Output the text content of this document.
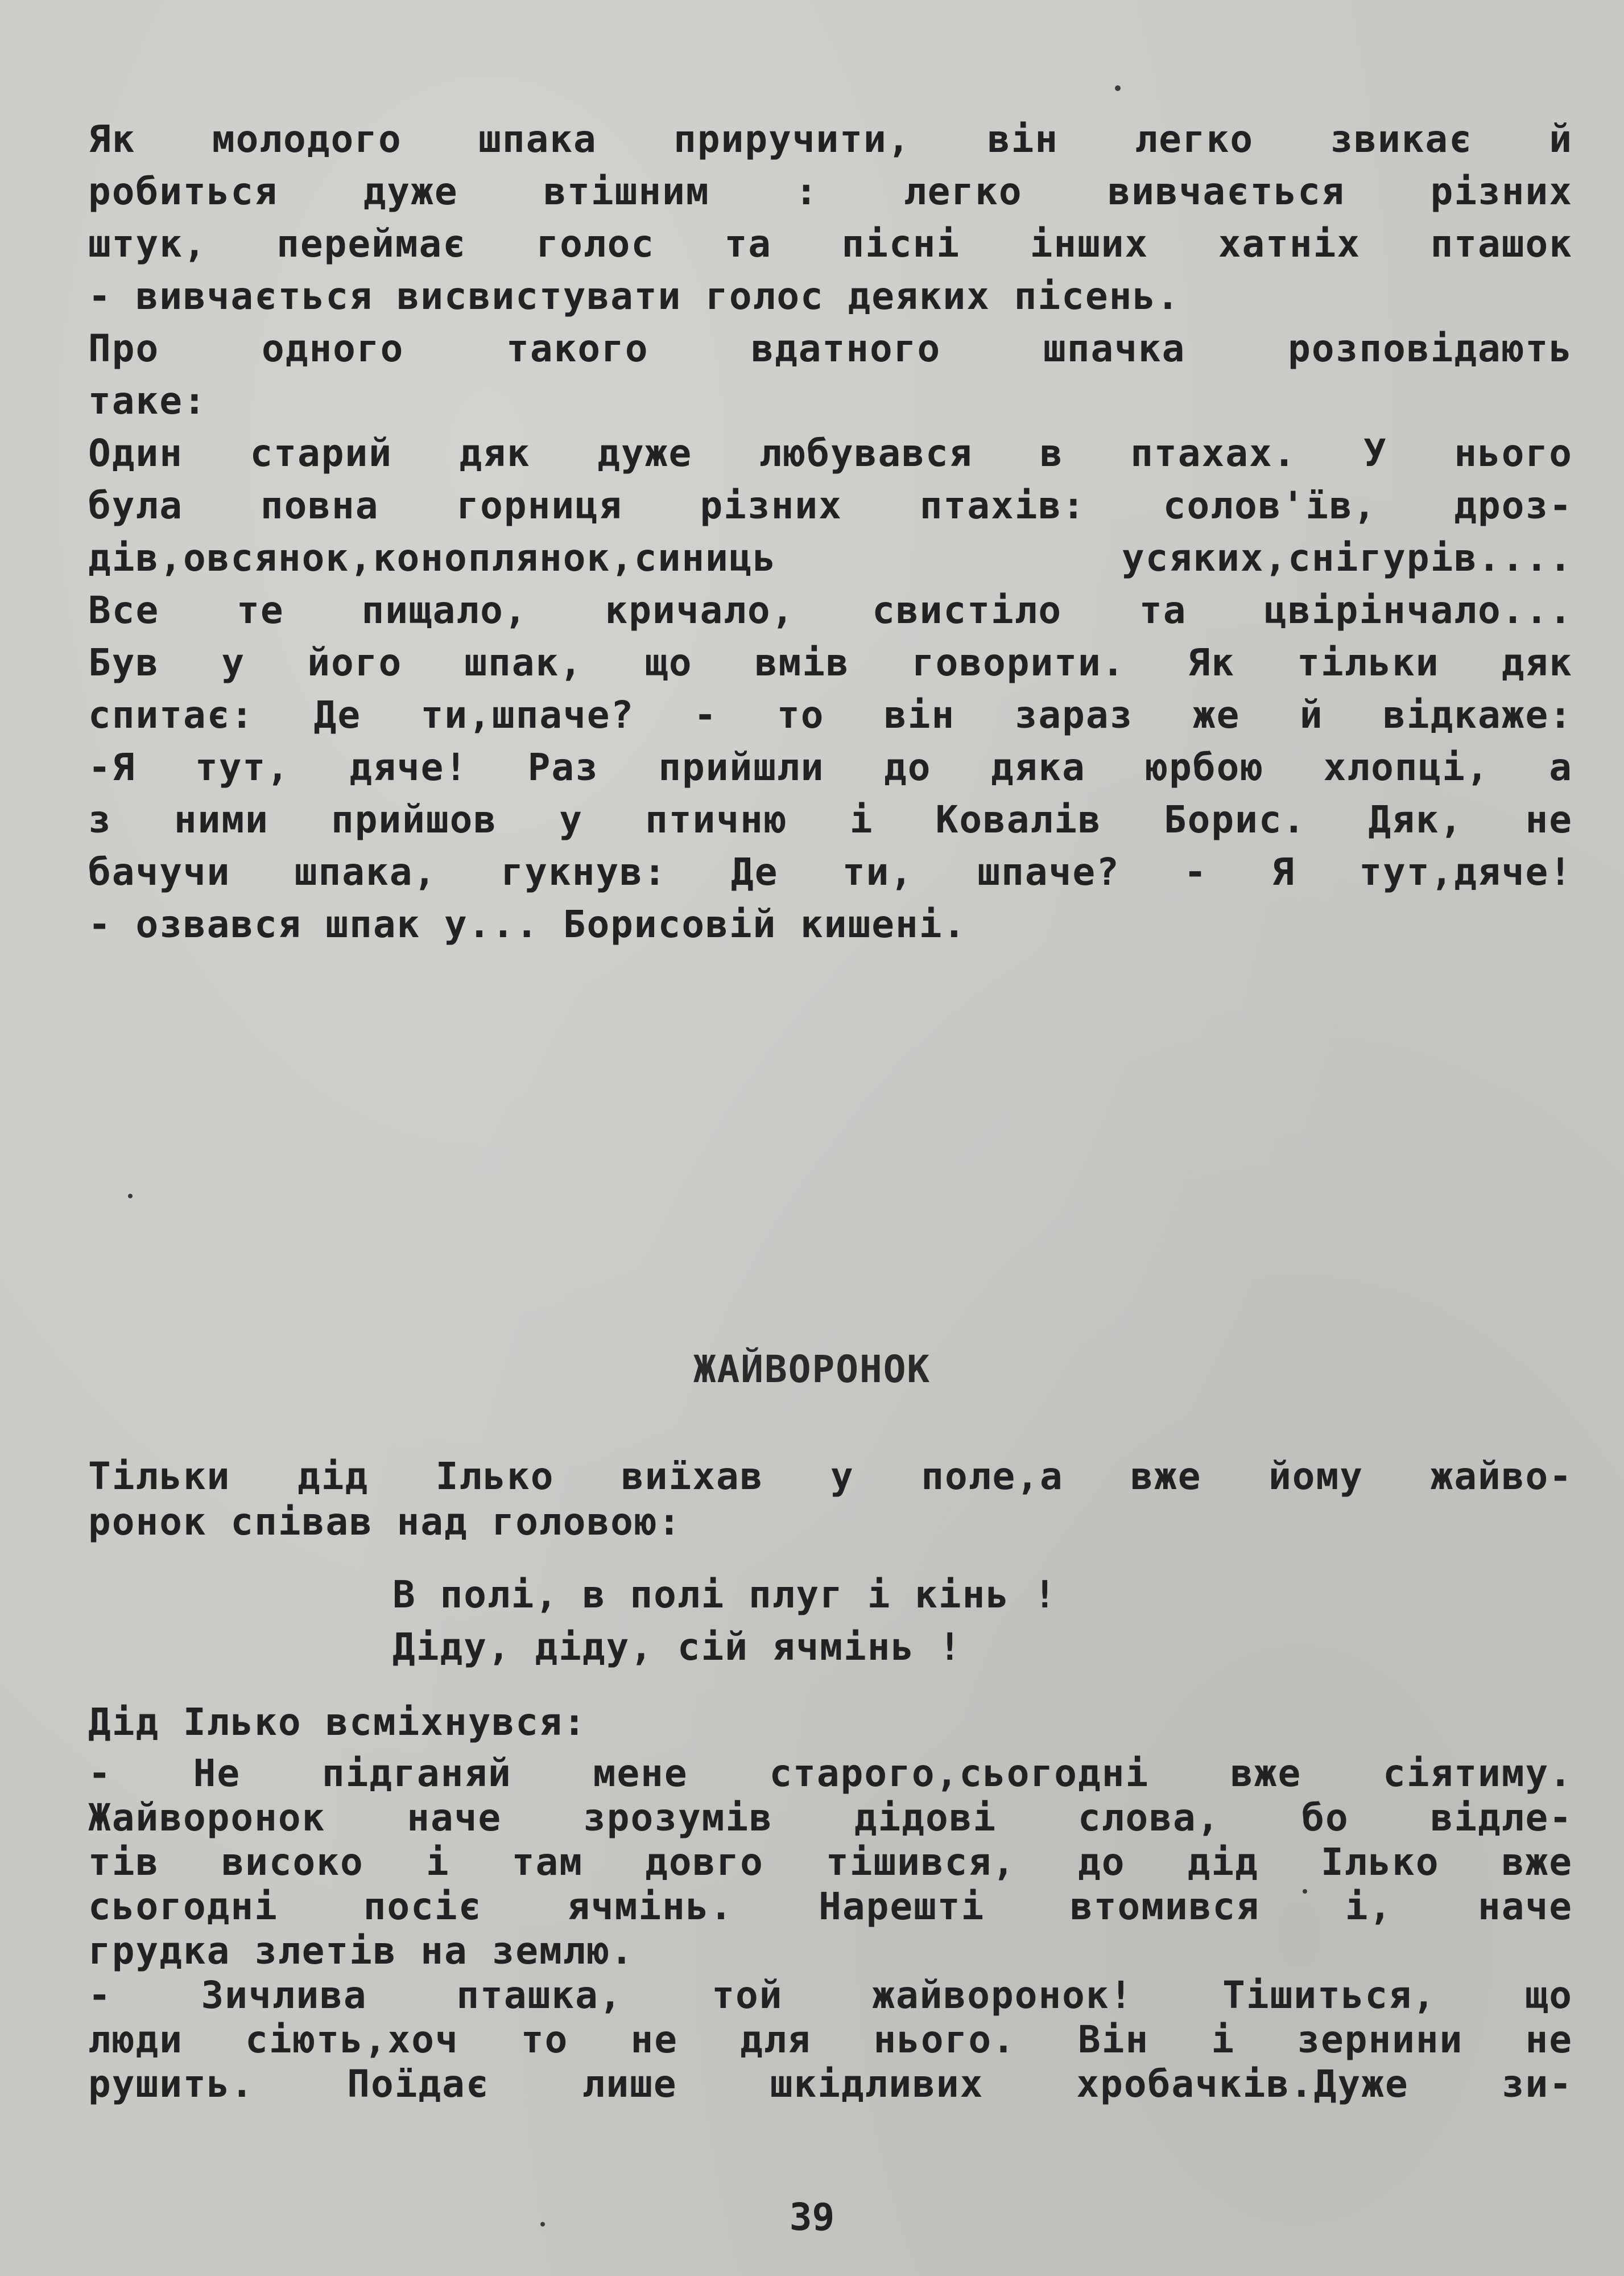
Як молодого шпака приручити, він легко звикає й
робиться дуже втішним : легко вивчається різних
штук, переймає голос та пісні інших хатніх пташок
- вивчається висвистувати голос деяких пісень.
Про одного такого вдатного шпачка розповідають
таке:
Один старий дяк дуже любувався в птахах. У нього
була повна горниця різних птахів: солов'їв, дроз-
дів,овсянок,коноплянок,синиць усяких,снігурів....
Все те пищало, кричало, свистіло та цвірінчало...
Був у його шпак, що вмів говорити. Як тільки дяк
спитає: Де ти,шпаче? - то він зараз же й відкаже:
-Я тут, дяче! Раз прийшли до дяка юрбою хлопці, а
з ними прийшов у птичню і Ковалів Борис. Дяк, не
бачучи шпака, гукнув: Де ти, шпаче? - Я тут,дяче!
- озвався шпак у... Борисовій кишені.
ЖАЙВОРОНОК
Тільки дід Ілько виїхав у поле,а вже йому жайво-
ронок співав над головою:
В полі, в полі плуг і кінь !
Діду, діду, сій ячмінь !
Дід Ілько всміхнувся:
- Не підганяй мене старого,сьогодні вже сіятиму.
Жайворонок наче зрозумів дідові слова, бо відле-
тів високо і там довго тішився, до дід Ілько вже
сьогодні посіє ячмінь. Нарешті втомився і, наче
грудка злетів на землю.
- Зичлива пташка, той жайворонок! Тішиться, що
люди сіють,хоч то не для нього. Він і зернини не
рушить. Поїдає лише шкідливих хробачків.Дуже зи-
39
